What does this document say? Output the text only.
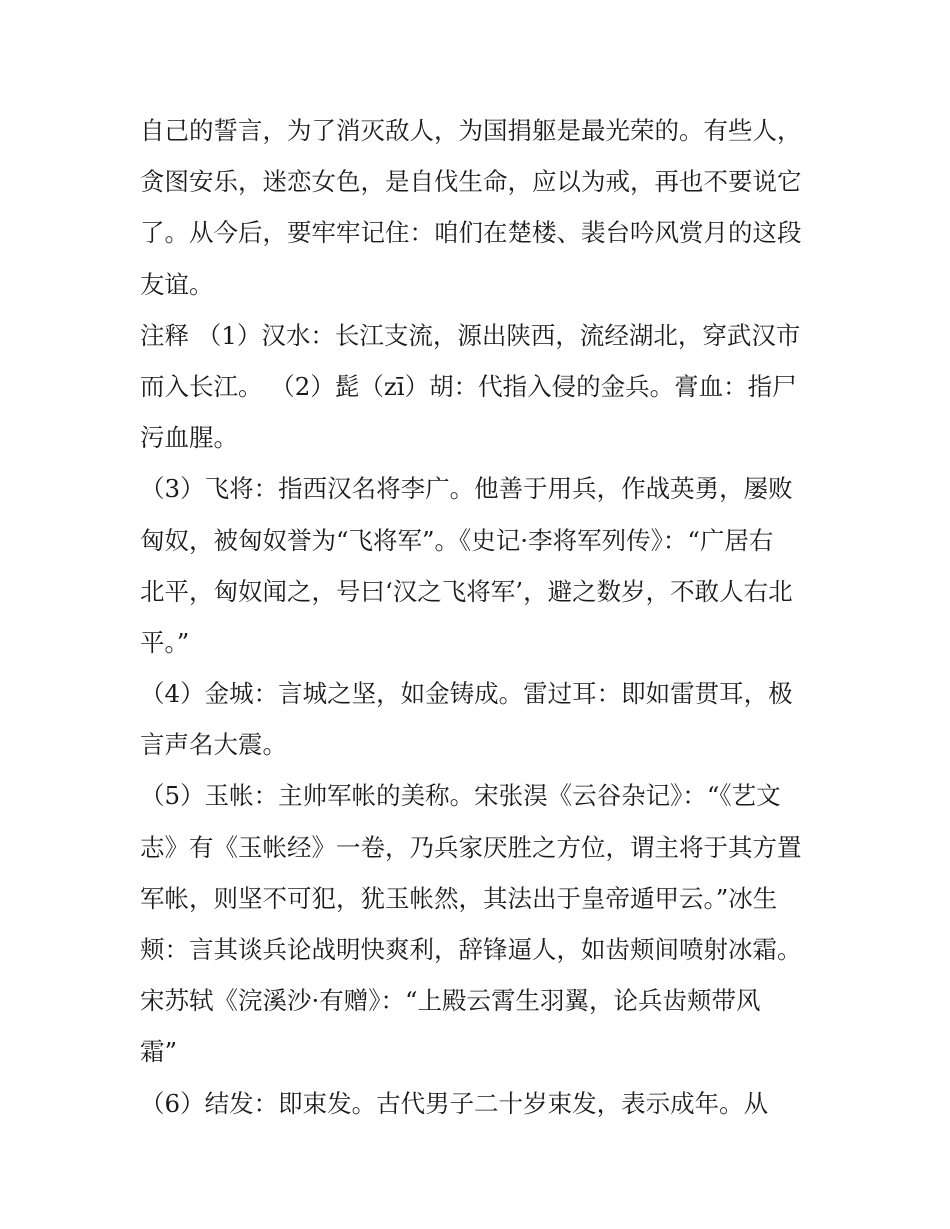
自己的誓言，为了消灭敌人，为国捐躯是最光荣的。有些人，
贪图安乐，迷恋女色，是自伐生命，应以为戒，再也不要说它
了。从今后，要牢牢记住：咱们在楚楼、裴台吟风赏月的这段
友谊。
注释 （1）汉水：长江支流，源出陕西，流经湖北，穿武汉市
而入长江。 （2）髭（zī）胡：代指入侵的金兵。膏血：指尸
污血腥。
（3）飞将：指西汉名将李广。他善于用兵，作战英勇，屡败
匈奴，被匈奴誉为“飞将军”。《史记·李将军列传》：“广居右
北平，匈奴闻之，号曰‘汉之飞将军’，避之数岁，不敢人右北
平。”
（4）金城：言城之坚，如金铸成。雷过耳：即如雷贯耳，极
言声名大震。
（5）玉帐：主帅军帐的美称。宋张淏《云谷杂记》：“《艺文
志》有《玉帐经》一卷，乃兵家厌胜之方位，谓主将于其方置
军帐，则坚不可犯，犹玉帐然，其法出于皇帝遁甲云。”冰生
颊：言其谈兵论战明快爽利，辞锋逼人，如齿颊间喷射冰霜。
宋苏轼《浣溪沙·有赠》：“上殿云霄生羽翼，论兵齿颊带风
霜”
（6）结发：即束发。古代男子二十岁束发，表示成年。从
